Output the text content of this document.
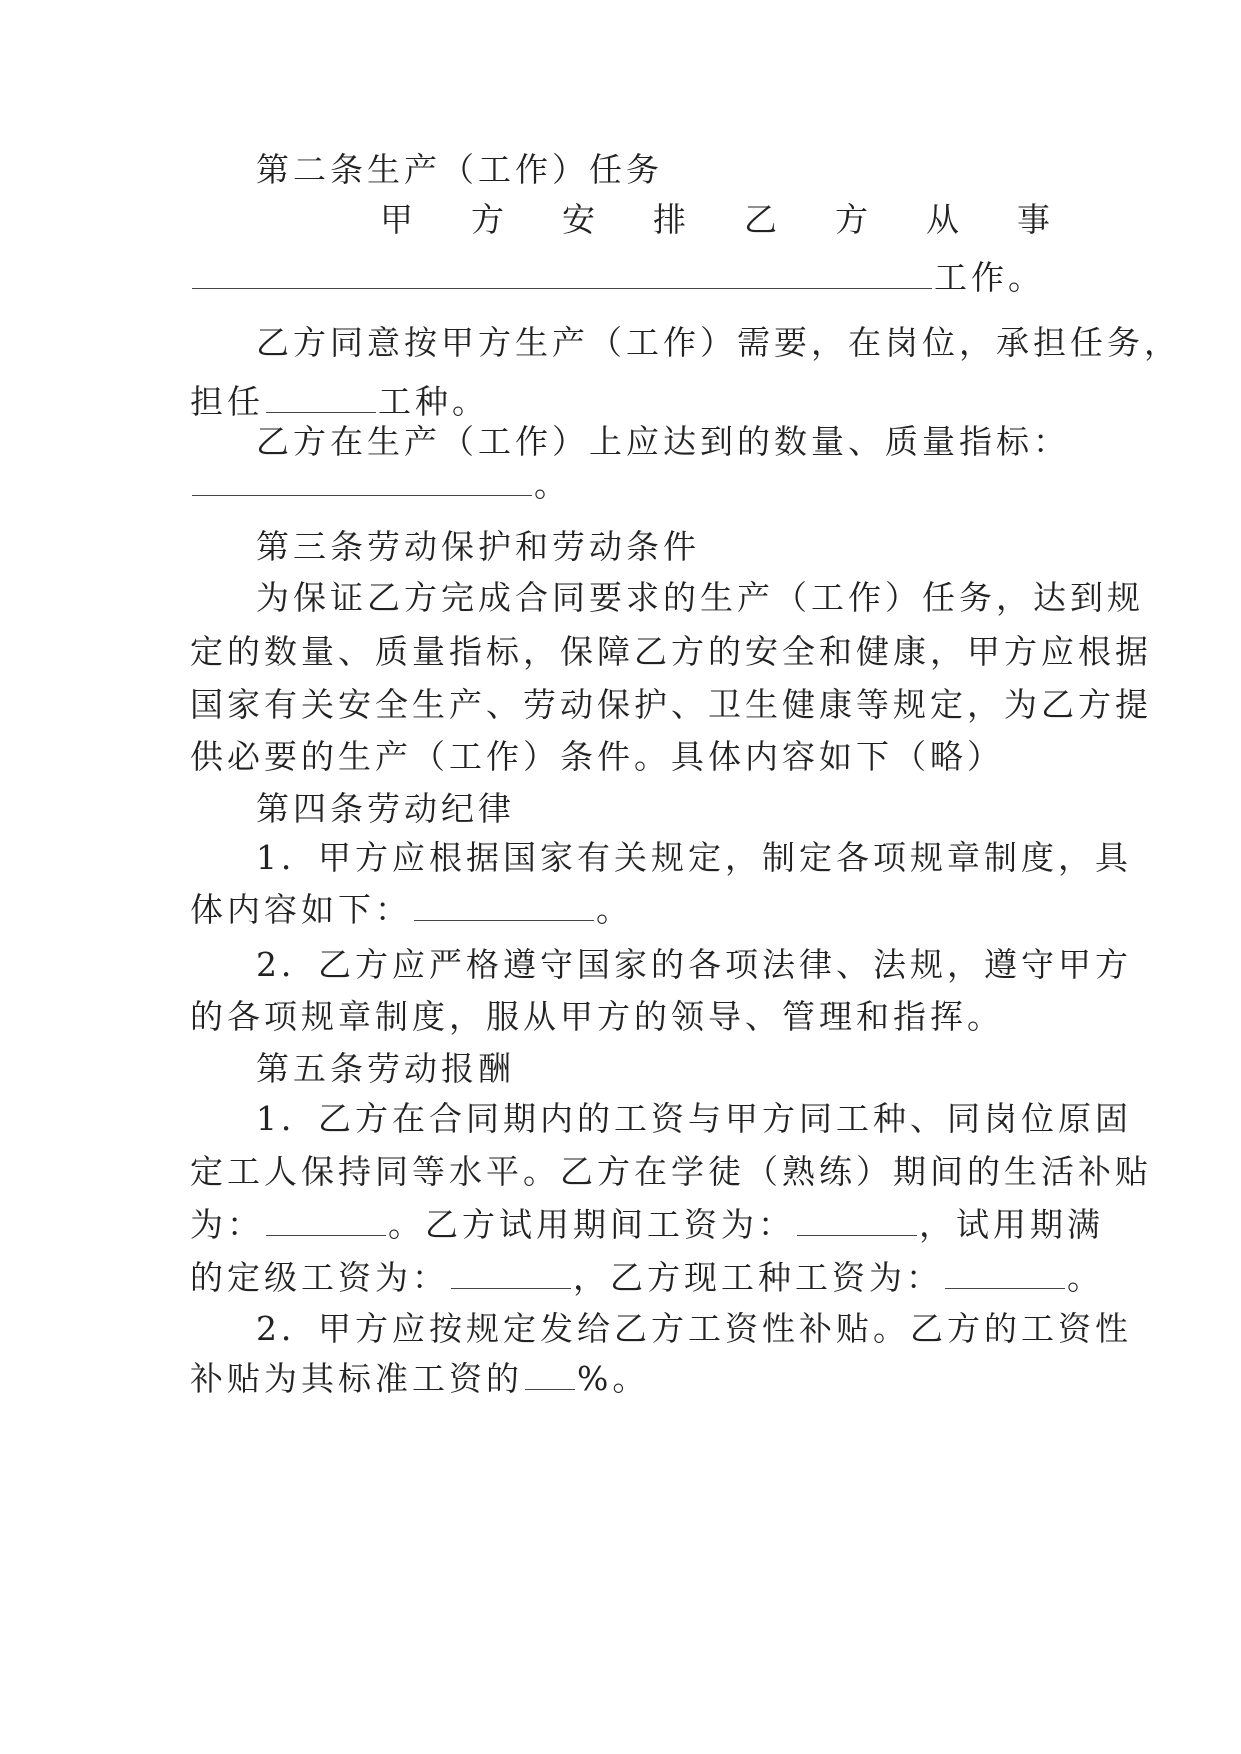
第二条生产（工作）任务
甲 方 安 排 乙 方 从 事
工作。
乙方同意按甲方生产（工作）需要，在岗位，承担任务，
担任	工种。
乙方在生产（工作）上应达到的数量、质量指标：
。
第三条劳动保护和劳动条件
为保证乙方完成合同要求的生产（工作）任务，达到规
定的数量、质量指标，保障乙方的安全和健康，甲方应根据
国家有关安全生产、劳动保护、卫生健康等规定，为乙方提
供必要的生产（工作）条件。具体内容如下（略）
第四条劳动纪律
1．甲方应根据国家有关规定，制定各项规章制度，具
体内容如下：	。
2．乙方应严格遵守国家的各项法律、法规，遵守甲方
的各项规章制度，服从甲方的领导、管理和指挥。
第五条劳动报酬
1．乙方在合同期内的工资与甲方同工种、同岗位原固
定工人保持同等水平。乙方在学徒（熟练）期间的生活补贴
为：	。乙方试用期间工资为：	，试用期满
的定级工资为：	，乙方现工种工资为：	。
2．甲方应按规定发给乙方工资性补贴。乙方的工资性
补贴为其标准工资的 %。
